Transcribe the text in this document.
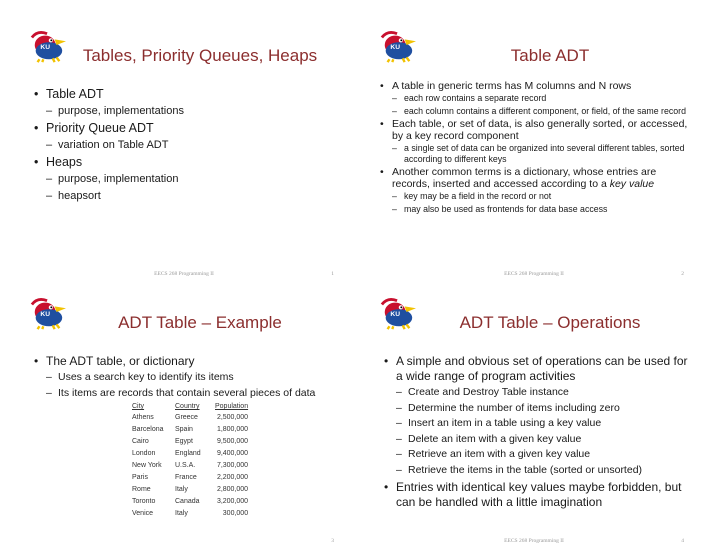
KU	Tables, Priority Queues, Heaps
• Table ADT
– purpose, implementations
• Priority Queue ADT
– variation on Table ADT
• Heaps
– purpose, implementation
– heapsort
EECS 268 Programming II	1
KU	Table ADT
• A table in generic terms has M columns and N rows
– each row contains a separate record
– each column contains a different component, or field, of the same record
• Each table, or set of data, is also generally sorted, or accessed, by a key record component
– a single set of data can be organized into several different tables, sorted according to different keys
• Another common terms is a dictionary, whose entries are records, inserted and accessed according to a key value
– key may be a field in the record or not
– may also be used as frontends for data base access
EECS 268 Programming II	2
KU	ADT Table – Example
• The ADT table, or dictionary
– Uses a search key to identify its items
– Its items are records that contain several pieces of data
City	Country	Population
Athens	Greece	2,500,000
Barcelona	Spain	1,800,000
Cairo	Egypt	9,500,000
London	England	9,400,000
New York	U.S.A.	7,300,000
Paris	France	2,200,000
Rome	Italy	2,800,000
Toronto	Canada	3,200,000
Venice	Italy	300,000
3
KU	ADT Table – Operations
• A simple and obvious set of operations can be used for a wide range of program activities
– Create and Destroy Table instance
– Determine the number of items including zero
– Insert an item in a table using a key value
– Delete an item with a given key value
– Retrieve an item with a given key value
– Retrieve the items in the table (sorted or unsorted)
• Entries with identical key values maybe forbidden, but can be handled with a little imagination
EECS 268 Programming II	4
